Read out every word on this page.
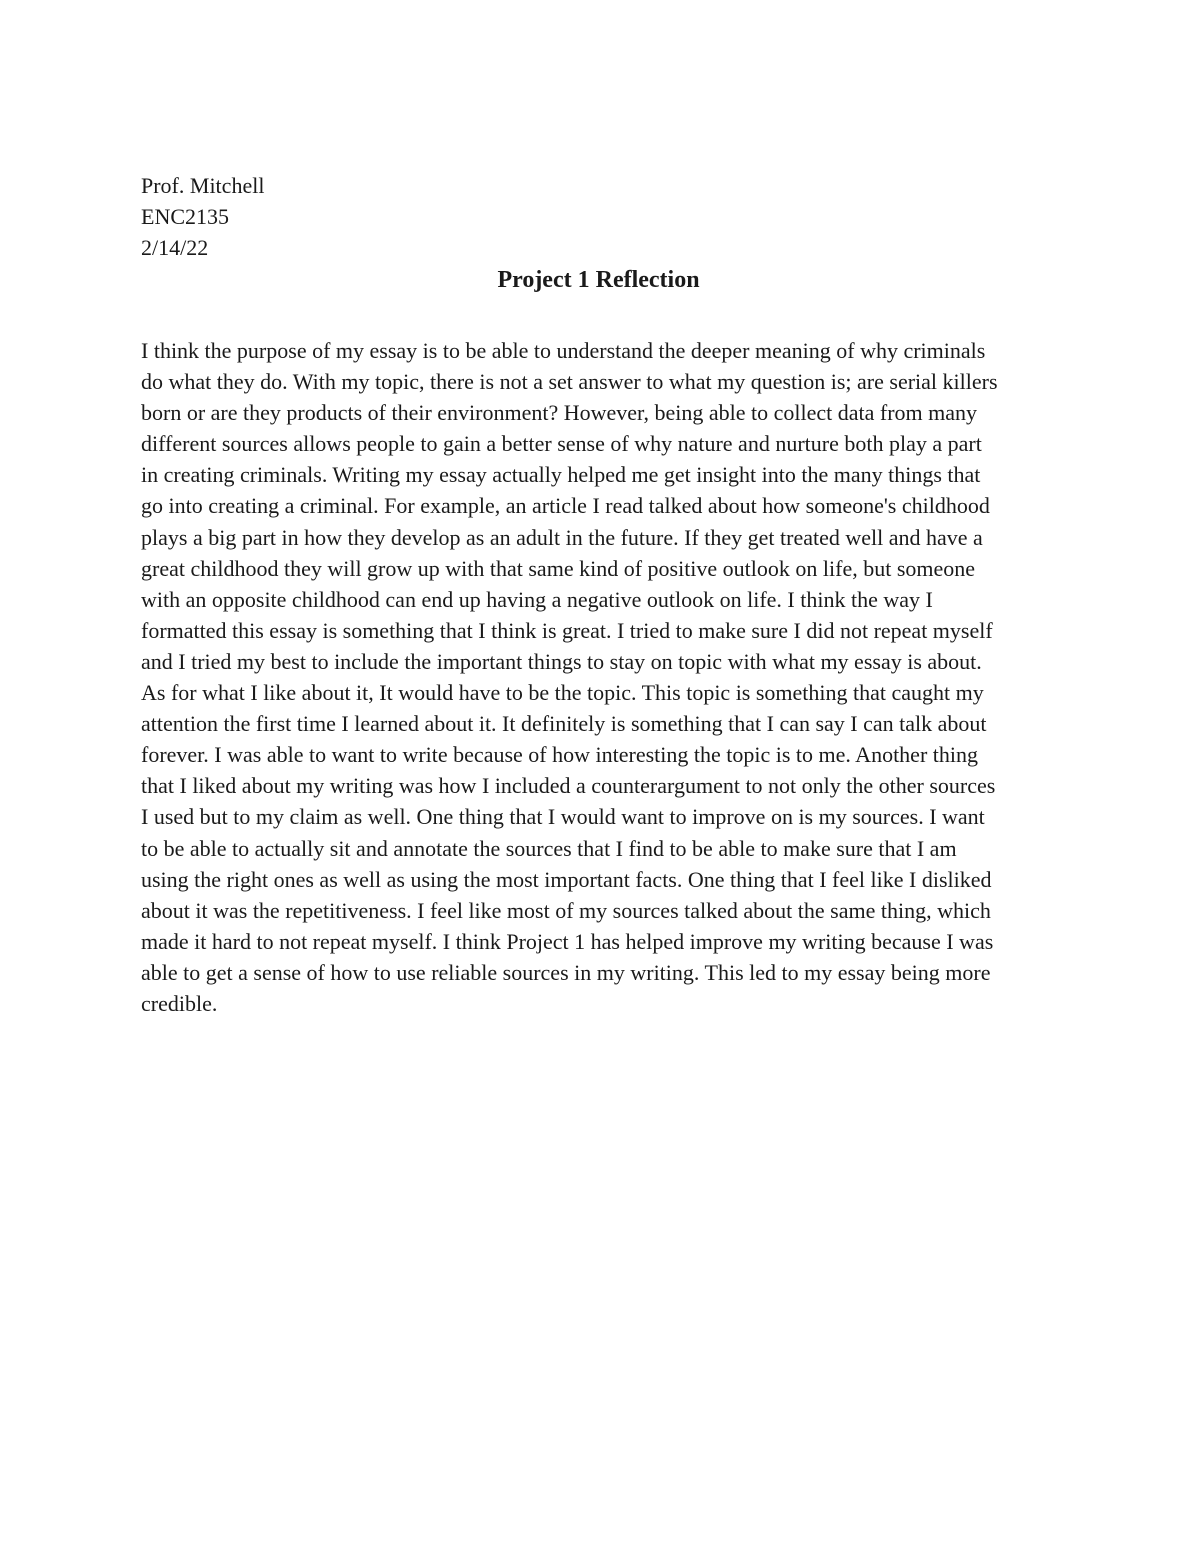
Prof. Mitchell
ENC2135
2/14/22
Project 1 Reflection
I think the purpose of my essay is to be able to understand the deeper meaning of why criminals
do what they do. With my topic, there is not a set answer to what my question is; are serial killers
born or are they products of their environment? However, being able to collect data from many
different sources allows people to gain a better sense of why nature and nurture both play a part
in creating criminals. Writing my essay actually helped me get insight into the many things that
go into creating a criminal. For example, an article I read talked about how someone's childhood
plays a big part in how they develop as an adult in the future. If they get treated well and have a
great childhood they will grow up with that same kind of positive outlook on life, but someone
with an opposite childhood can end up having a negative outlook on life. I think the way I
formatted this essay is something that I think is great. I tried to make sure I did not repeat myself
and I tried my best to include the important things to stay on topic with what my essay is about.
As for what I like about it, It would have to be the topic. This topic is something that caught my
attention the first time I learned about it. It definitely is something that I can say I can talk about
forever. I was able to want to write because of how interesting the topic is to me. Another thing
that I liked about my writing was how I included a counterargument to not only the other sources
I used but to my claim as well. One thing that I would want to improve on is my sources. I want
to be able to actually sit and annotate the sources that I find to be able to make sure that I am
using the right ones as well as using the most important facts. One thing that I feel like I disliked
about it was the repetitiveness. I feel like most of my sources talked about the same thing, which
made it hard to not repeat myself. I think Project 1 has helped improve my writing because I was
able to get a sense of how to use reliable sources in my writing. This led to my essay being more
credible.
